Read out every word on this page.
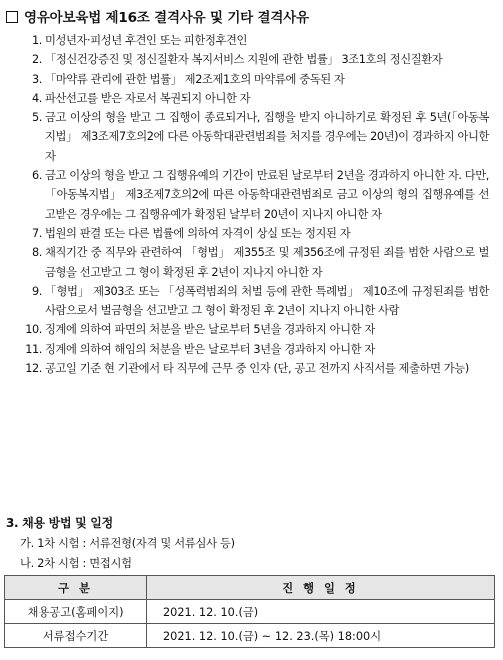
영유아보육법 제16조 결격사유 및 기타 결격사유
1. 미성년자·피성년 후견인 또는 피한정후견인
2. 「정신건강증진 및 정신질환자 복지서비스 지원에 관한 법률」 3조1호의 정신질환자
3. 「마약류 관리에 관한 법률」 제2조제1호의 마약류에 중독된 자
4. 파산선고를 받은 자로서 복권되지 아니한 자
5. 금고 이상의 형을 받고 그 집행이 종료되거나, 집행을 받지 아니하기로 확정된 후 5년(「아동복지법」 제3조제7호의2에 다른 아동학대관련범죄를 처지를 경우에는 20년)이 경과하지 아니한 자
6. 금고 이상의 형을 받고 그 집행유예의 기간이 만료된 날로부터 2년을 경과하지 아니한 자. 다만, 「아동복지법」 제3조제7호의2에 따른 아동학대관련범죄로 금고 이상의 형의 집행유예를 선고받은 경우에는 그 집행유예가 확정된 날부터 20년이 지나지 아니한 자
7. 법원의 판결 또는 다른 법률에 의하여 자격이 상실 또는 정지된 자
8. 채직기간 중 직무와 관련하여 「형법」 제355조 및 제356조에 규정된 죄를 범한 사람으로 벌금형을 선고받고 그 형이 확정된 후 2년이 지나지 아니한 자
9. 「형법」 제303조 또는 「성폭력범죄의 처벌 등에 관한 특례법」 제10조에 규정된죄를 범한 사람으로서 벌금형을 선고받고 그 형이 확정된 후 2년이 지나지 아니한 사람
10. 징계에 의하여 파면의 처분을 받은 날로부터 5년을 경과하지 아니한 자
11. 징계에 의하여 해임의 처분을 받은 날로부터 3년을 경과하지 아니한 자
12. 공고일 기준 현 기관에서 타 직무에 근무 중 인자 (단, 공고 전까지 사직서를 제출하면 가능)
3. 채용 방법 및 일정
가. 1차 시험 : 서류전형(자격 및 서류심사 등)
나. 2차 시험 : 면접시험
구 분	진 행 일 정
채용공고(홈페이지)	2021. 12. 10.(금)
서류접수기간	2021. 12. 10.(금) ~ 12. 23.(목) 18:00시
